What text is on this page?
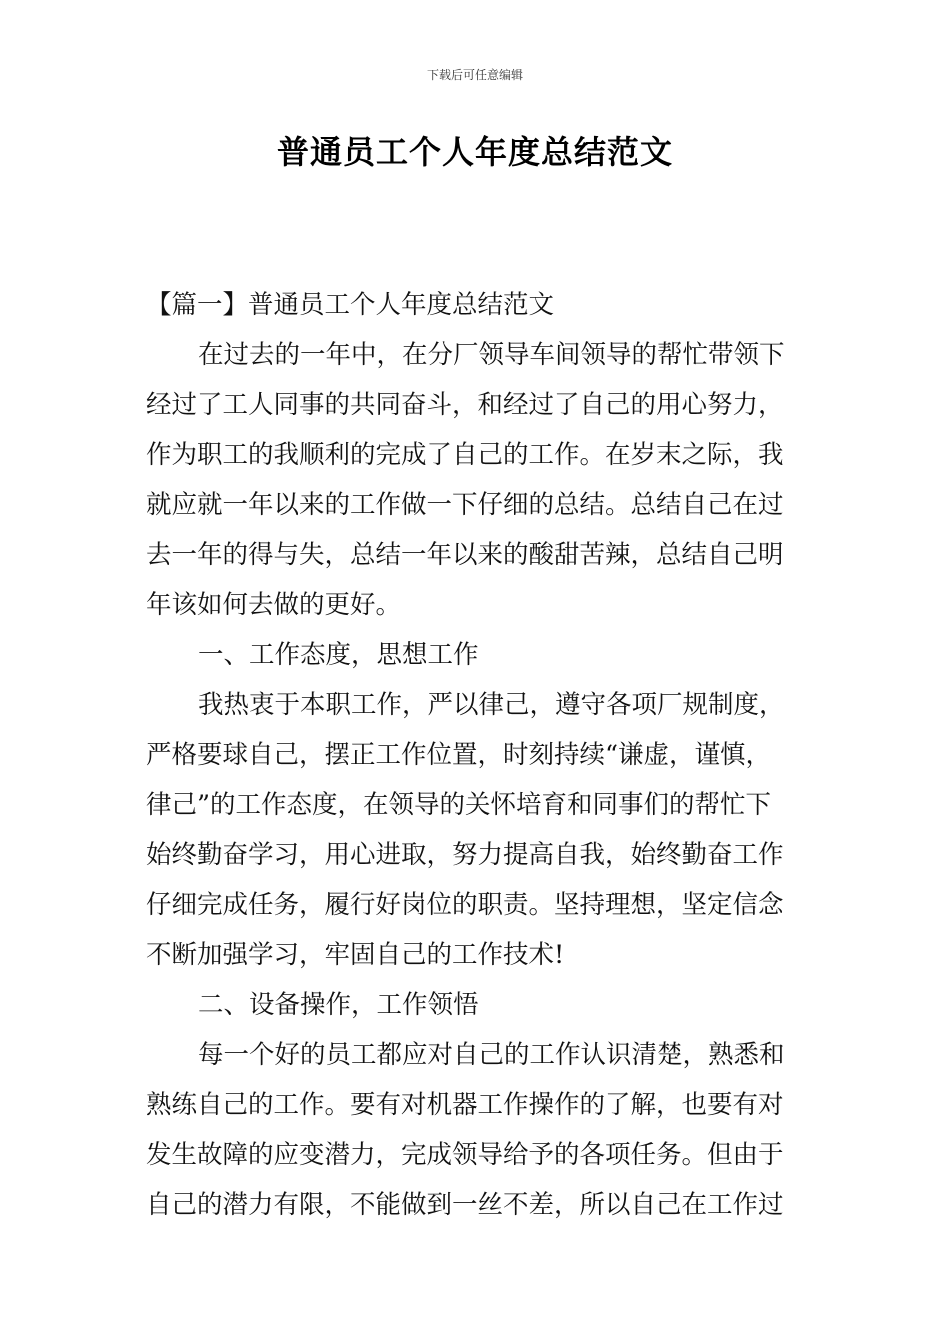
下载后可任意编辑
普通员工个人年度总结范文
【篇一】普通员工个人年度总结范文
在过去的一年中，在分厂领导车间领导的帮忙带领下
经过了工人同事的共同奋斗，和经过了自己的用心努力，
作为职工的我顺利的完成了自己的工作。在岁末之际，我
就应就一年以来的工作做一下仔细的总结。总结自己在过
去一年的得与失，总结一年以来的酸甜苦辣，总结自己明
年该如何去做的更好。
一、工作态度，思想工作
我热衷于本职工作，严以律己，遵守各项厂规制度，
严格要球自己，摆正工作位置，时刻持续“谦虚，谨慎，
律己”的工作态度，在领导的关怀培育和同事们的帮忙下
始终勤奋学习，用心进取，努力提高自我，始终勤奋工作
仔细完成任务，履行好岗位的职责。坚持理想，坚定信念
不断加强学习，牢固自己的工作技术!
二、设备操作，工作领悟
每一个好的员工都应对自己的工作认识清楚，熟悉和
熟练自己的工作。要有对机器工作操作的了解，也要有对
发生故障的应变潜力，完成领导给予的各项任务。但由于
自己的潜力有限，不能做到一丝不差，所以自己在工作过
